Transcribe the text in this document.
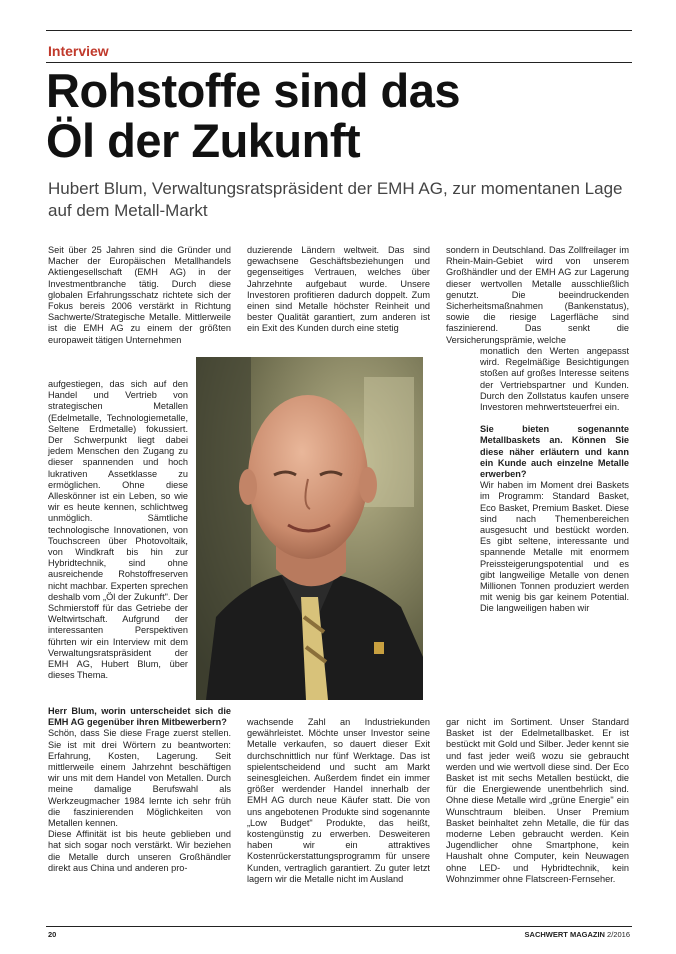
Interview
Rohstoffe sind das
Öl der Zukunft
Hubert Blum, Verwaltungsratspräsident der EMH AG, zur momentanen Lage auf dem Metall-Markt
Seit über 25 Jahren sind die Gründer und Macher der Europäischen Metallhandels Aktiengesellschaft (EMH AG) in der Investmentbranche tätig. Durch diese globalen Erfahrungsschatz richtete sich der Fokus bereis 2006 verstärkt in Richtung Sachwerte/Strategische Metalle. Mittlerweile ist die EMH AG zu einem der größten europaweit tätigen Unternehmen
aufgestiegen, das sich auf den Handel und Vertrieb von strategischen Metallen (Edelmetalle, Technologiemetalle, Seltene Erdmetalle) fokussiert. Der Schwerpunkt liegt dabei jedem Menschen den Zugang zu dieser spannenden und hoch lukrativen Assetklasse zu ermöglichen. Ohne diese Alleskönner ist ein Leben, so wie wir es heute kennen, schlichtweg unmöglich. Sämtliche technologische Innovationen, von Touchscreen über Photovoltaik, von Windkraft bis hin zur Hybridtechnik, sind ohne ausreichende Rohstoffreserven nicht machbar. Experten sprechen deshalb vom „Öl der Zukunft". Der Schmierstoff für das Getriebe der Weltwirtschaft. Aufgrund der interessanten Perspektiven führten wir ein Interview mit dem Verwaltungsratspräsident der EMH AG, Hubert Blum, über dieses Thema.

Herr Blum, worin unterscheidet sich die EMH AG gegenüber ihren Mitbewerbern?

Schön, dass Sie diese Frage zuerst stellen. Sie ist mit drei Wörtern zu beantworten: Erfahrung, Kosten, Lagerung. Seit mittlerweile einem Jahrzehnt beschäftigen wir uns mit dem Handel von Metallen. Durch meine damalige Berufswahl als Werkzeugmacher 1984 lernte ich sehr früh die faszinierenden Möglichkeiten von Metallen kennen.

Diese Affinität ist bis heute geblieben und hat sich sogar noch verstärkt. Wir beziehen die Metalle durch unseren Großhändler direkt aus China und anderen pro-

duzierende Ländern weltweit. Das sind gewachsene Geschäftsbeziehungen und gegenseitiges Vertrauen, welches über Jahrzehnte aufgebaut wurde. Unsere Investoren profitieren dadurch doppelt. Zum einen sind Metalle höchster Reinheit und bester Qualität garantiert, zum anderen ist ein Exit des Kunden durch eine stetig
wachsende Zahl an Industriekunden gewährleistet. Möchte unser Investor seine Metalle verkaufen, so dauert dieser Exit durchschnittlich nur fünf Werktage. Das ist spielentscheidend und sucht am Markt seinesgleichen. Außerdem findet ein immer größer werdender Handel innerhalb der EMH AG durch neue Käufer statt. Die von uns angebotenen Produkte sind sogenannte „Low Budget" Produkte, das heißt, kostengünstig zu erwerben. Desweiteren haben wir ein attraktives Kostenrückerstattungsprogramm für unsere Kunden, vertraglich garantiert. Zu guter letzt lagern wir die Metalle nicht im Ausland
sondern in Deutschland. Das Zollfreilager im Rhein-Main-Gebiet wird von unserem Großhändler und der EMH AG zur Lagerung dieser wertvollen Metalle ausschließlich genutzt. Die beeindruckenden Sicherheitsmaßnahmen (Bankenstatus), sowie die riesige Lagerfläche sind faszinierend. Das senkt die Versicherungsprämie, welche

monatlich den Werten angepasst wird. Regelmäßige Besichtigungen stoßen auf großes Interesse seitens der Vertriebspartner und Kunden. Durch den Zollstatus kaufen unsere Investoren mehrwertsteuerfrei ein.

Sie bieten sogenannte Metallbaskets an. Können Sie diese näher erläutern und kann ein Kunde auch einzelne Metalle erwerben?

Wir haben im Moment drei Baskets im Programm: Standard Basket, Eco Basket, Premium Basket. Diese sind nach Themenbereichen ausgesucht und bestückt worden. Es gibt seltene, interessante und spannende Metalle mit enormem Preissteigerungspotential und es gibt langweilige Metalle von denen Millionen Tonnen produziert werden mit wenig bis gar keinem Potential. Die langweiligen haben wir

gar nicht im Sortiment. Unser Standard Basket ist der Edelmetallbasket. Er ist bestückt mit Gold und Silber. Jeder kennt sie und fast jeder weiß wozu sie gebraucht werden und wie wertvoll diese sind. Der Eco Basket ist mit sechs Metallen bestückt, die für die Energiewende unentbehrlich sind. Ohne diese Metalle wird „grüne Energie" ein Wunschtraum bleiben. Unser Premium Basket beinhaltet zehn Metalle, die für das moderne Leben gebraucht werden. Kein Jugendlicher ohne Smartphone, kein Haushalt ohne Computer, kein Neuwagen ohne LED- und Hybridtechnik, kein Wohnzimmer ohne Flatscreen-Fernseher.
20	SACHWERT MAGAZIN 2/2016
